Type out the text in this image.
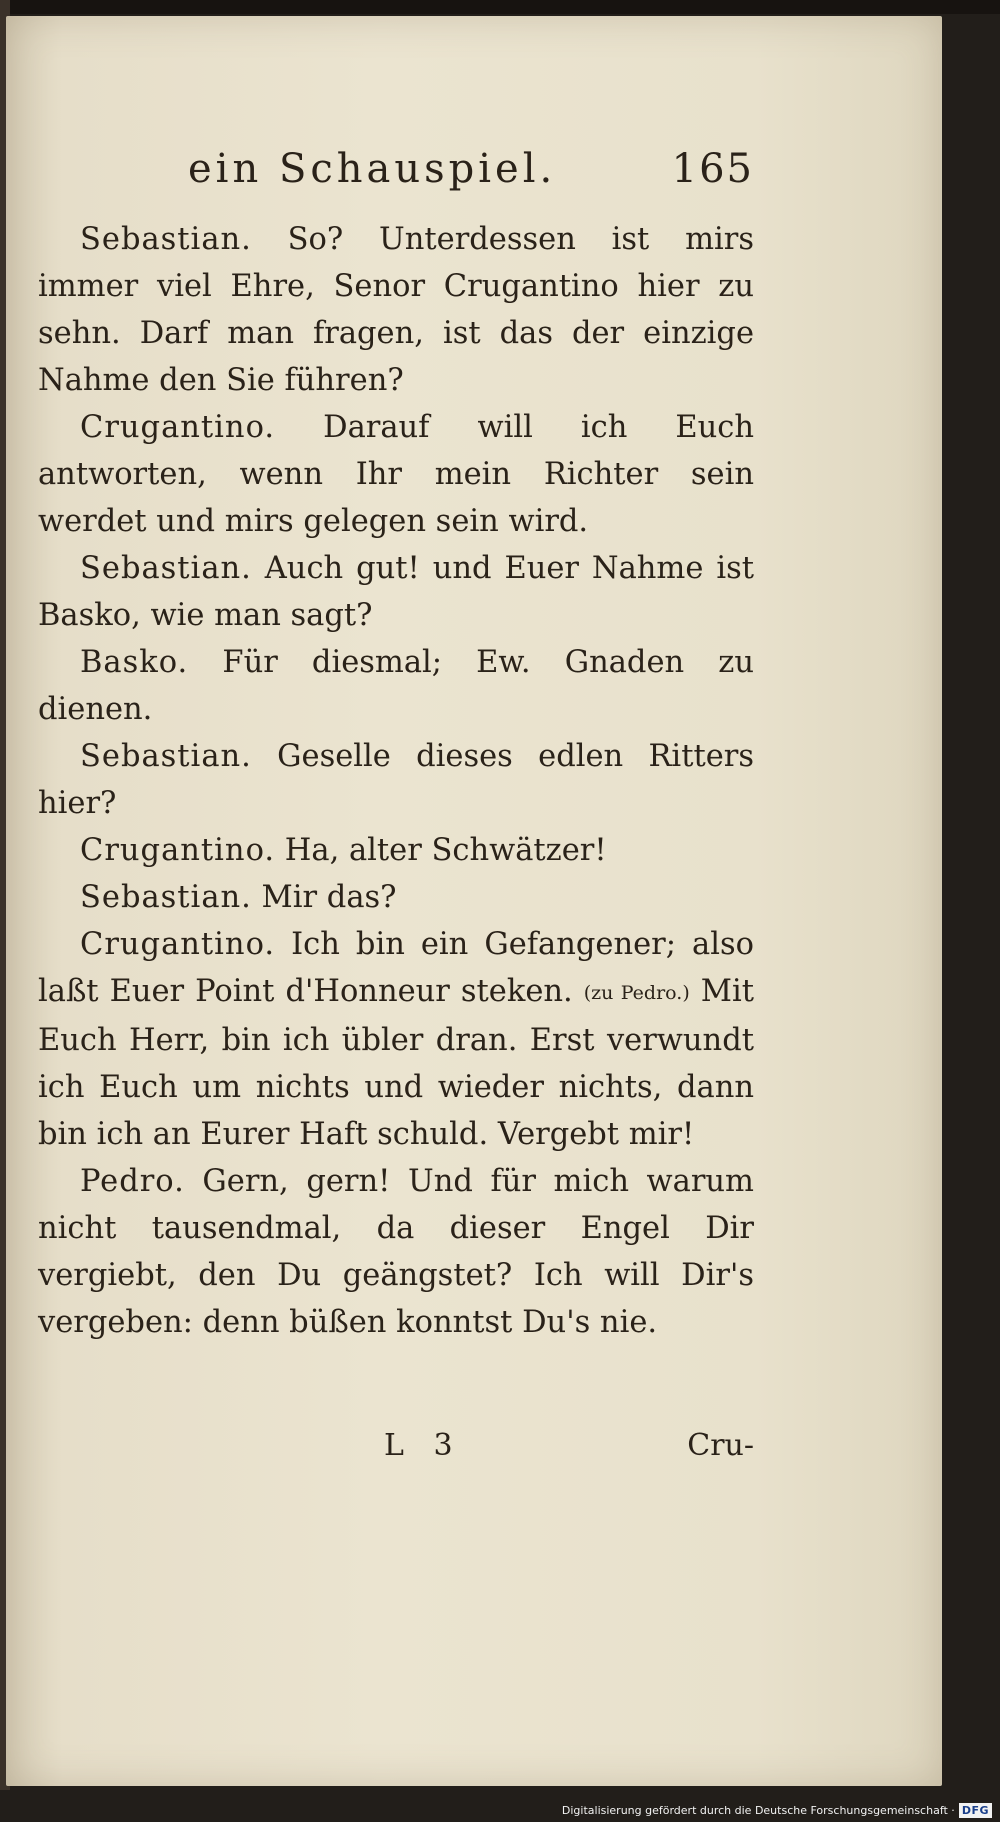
ein Schauspiel.	165

Sebastian. So? Unterdessen ist mirs immer viel Ehre, Senor Crugantino hier zu sehn. Darf man fragen, ist das der einzige Nahme den Sie führen?

Crugantino. Darauf will ich Euch antworten, wenn Ihr mein Richter sein werdet und mirs gelegen sein wird.

Sebastian. Auch gut! und Euer Nahme ist Basko, wie man sagt?

Basko. Für diesmal; Ew. Gnaden zu dienen.

Sebastian. Geselle dieses edlen Ritters hier?

Crugantino. Ha, alter Schwätzer!

Sebastian. Mir das?

Crugantino. Ich bin ein Gefangener; also laßt Euer Point d'Honneur steken. (zu Pedro.) Mit Euch Herr, bin ich übler dran. Erst verwundt ich Euch um nichts und wieder nichts, dann bin ich an Eurer Haft schuld. Vergebt mir!

Pedro. Gern, gern! Und für mich warum nicht tausendmal, da dieser Engel Dir vergiebt, den Du geängstet? Ich will Dir's vergeben: denn büßen konntst Du's nie.

L 3	Cru-
Digitalisierung gefördert durch die Deutsche Forschungsgemeinschaft · DFG
